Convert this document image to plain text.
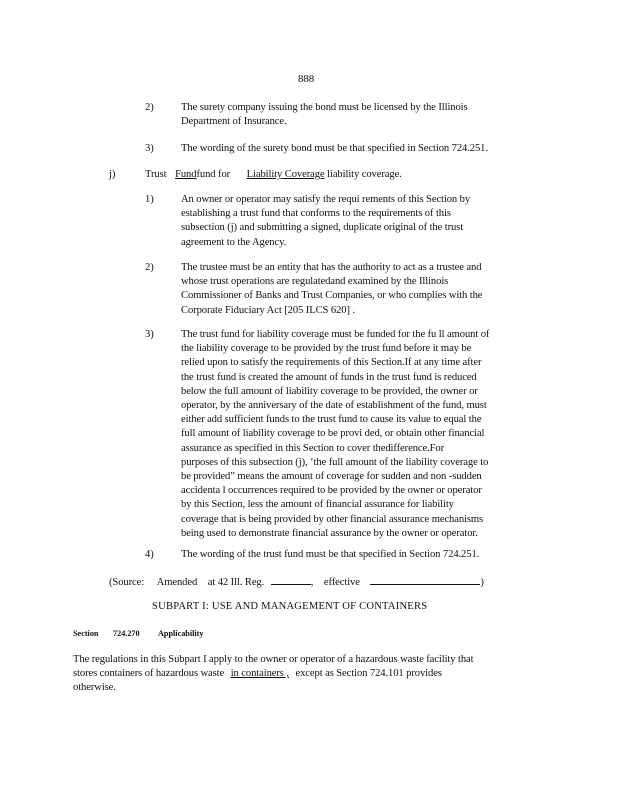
888
2)	The surety company issuing the bond must be licensed by the Illinois
Department of Insurance.
3)	The wording of the surety bond must be that specified in Section 724.251.
j)	Trust Fundfund for Liability Coverage liability coverage.
1)	An owner or operator may satisfy the requi rements of this Section by
establishing a trust fund that conforms to the requirements of this
subsection (j) and submitting a signed, duplicate original of the trust
agreement to the Agency.
2)	The trustee must be an entity that has the authority to act as a trustee and
whose trust operations are regulatedand examined by the Illinois
Commissioner of Banks and Trust Companies, or who complies with the
Corporate Fiduciary Act [205 ILCS 620] .
3)	The trust fund for liability coverage must be funded for the fu ll amount of
the liability coverage to be provided by the trust fund before it may be
relied upon to satisfy the requirements of this Section.If at any time after
the trust fund is created the amount of funds in the trust fund is reduced
below the full amount of liability coverage to be provided, the owner or
operator, by the anniversary of the date of establishment of the fund, must
either add sufficient funds to the trust fund to cause its value to equal the
full amount of liability coverage to be provi ded, or obtain other financial
assurance as specified in this Section to cover thedifference.For
purposes of this subsection (j), ‘the full amount of the liability coverage to
be provided” means the amount of coverage for sudden and non -sudden
accidenta l occurrences required to be provided by the owner or operator
by this Section, less the amount of financial assurance for liability
coverage that is being provided by other financial assurance mechanisms
being used to demonstrate financial assurance by the owner or operator.
4)	The wording of the trust fund must be that specified in Section 724.251.
(Source: Amended at 42 Ill. Reg.	, effective	)
SUBPART I: USE AND MANAGEMENT OF CONTAINERS
Section 724.270 Applicability
The regulations in this Subpart I apply to the owner or operator of a hazardous waste facility that
stores containers of hazardous waste in containers , except as Section 724.101 provides
otherwise.
